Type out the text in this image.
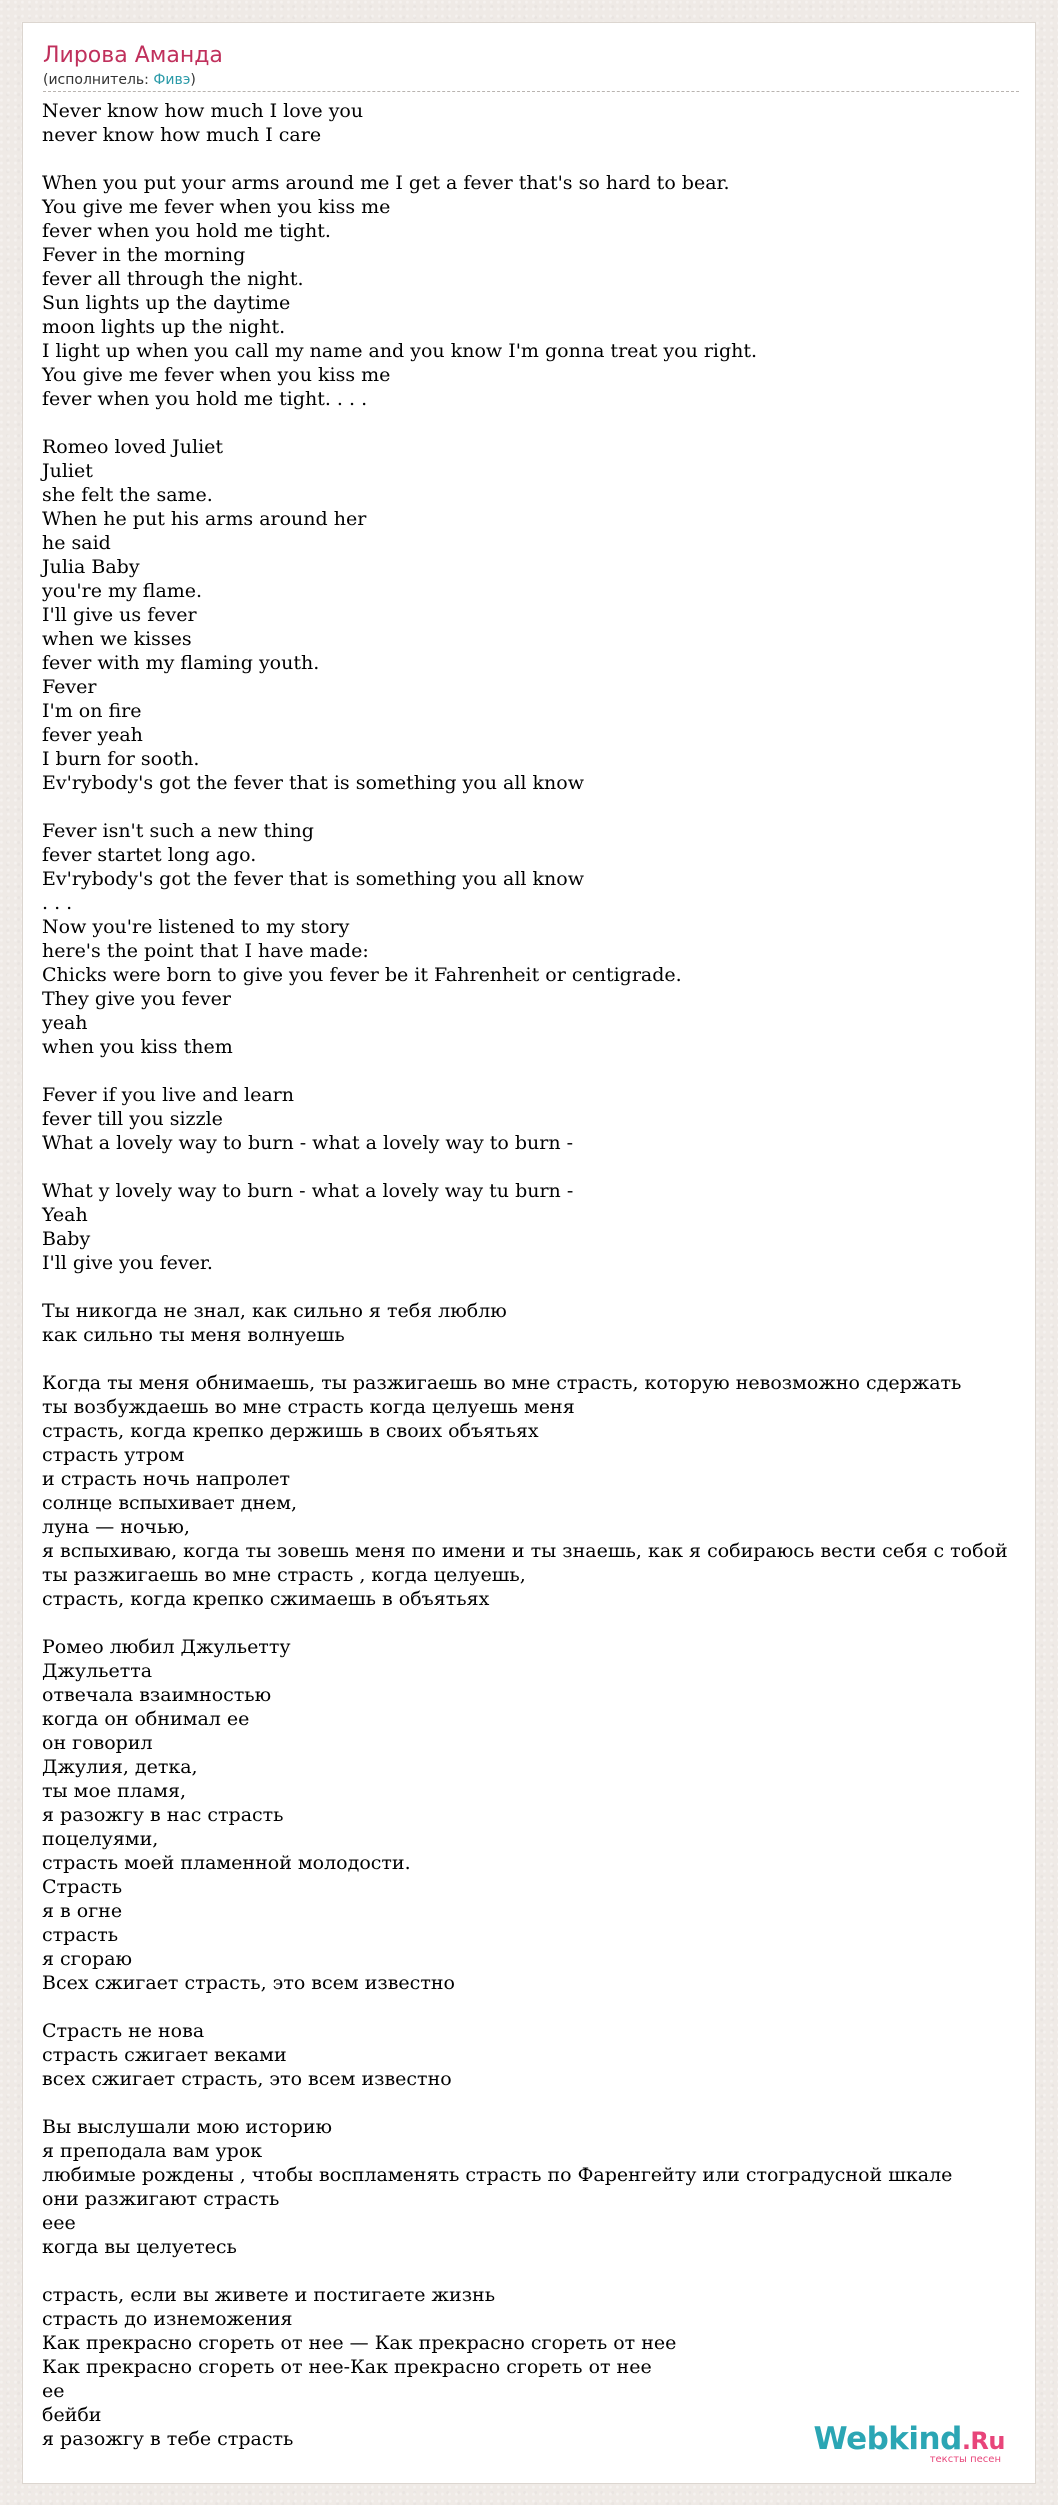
Лирова Аманда
(исполнитель: Фивэ)
Never know how much I love you
never know how much I care
When you put your arms around me I get a fever that's so hard to bear.
You give me fever when you kiss me
fever when you hold me tight.
Fever in the morning
fever all through the night.
Sun lights up the daytime
moon lights up the night.
I light up when you call my name and you know I'm gonna treat you right.
You give me fever when you kiss me
fever when you hold me tight. . . .
Romeo loved Juliet
Juliet
she felt the same.
When he put his arms around her
he said
Julia Baby
you're my flame.
I'll give us fever
when we kisses
fever with my flaming youth.
Fever
I'm on fire
fever yeah
I burn for sooth.
Ev'rybody's got the fever that is something you all know
Fever isn't such a new thing
fever startet long ago.
Ev'rybody's got the fever that is something you all know
. . .
Now you're listened to my story
here's the point that I have made:
Chicks were born to give you fever be it Fahrenheit or centigrade.
They give you fever
yeah
when you kiss them
Fever if you live and learn
fever till you sizzle
What a lovely way to burn - what a lovely way to burn -
What y lovely way to burn - what a lovely way tu burn -
Yeah
Baby
I'll give you fever.
Ты никогда не знал, как сильно я тебя люблю
как сильно ты меня волнуешь
Когда ты меня обнимаешь, ты разжигаешь во мне страсть, которую невозможно сдержать
ты возбуждаешь во мне страсть когда целуешь меня
страсть, когда крепко держишь в своих объятьях
страсть утром
и страсть ночь напролет
солнце вспыхивает днем,
луна — ночью,
я вспыхиваю, когда ты зовешь меня по имени и ты знаешь, как я собираюсь вести себя с тобой
ты разжигаешь во мне страсть , когда целуешь,
страсть, когда крепко сжимаешь в объятьях
Ромео любил Джульетту
Джульетта
отвечала взаимностью
когда он обнимал ее
он говорил
Джулия, детка,
ты мое пламя,
я разожгу в нас страсть
поцелуями,
страсть моей пламенной молодости.
Страсть
я в огне
страсть
я сгораю
Всех сжигает страсть, это всем известно
Страсть не нова
страсть сжигает веками
всех сжигает страсть, это всем известно
Вы выслушали мою историю
я преподала вам урок
любимые рождены , чтобы воспламенять страсть по Фаренгейту или стоградусной шкале
они разжигают страсть
еее
когда вы целуетесь
страсть, если вы живете и постигаете жизнь
страсть до изнеможения
Как прекрасно сгореть от нее — Как прекрасно сгореть от нее
Как прекрасно сгореть от нее-Как прекрасно сгореть от нее
ее
бейби
я разожгу в тебе страсть	Webkind.Ru
тексты песен
